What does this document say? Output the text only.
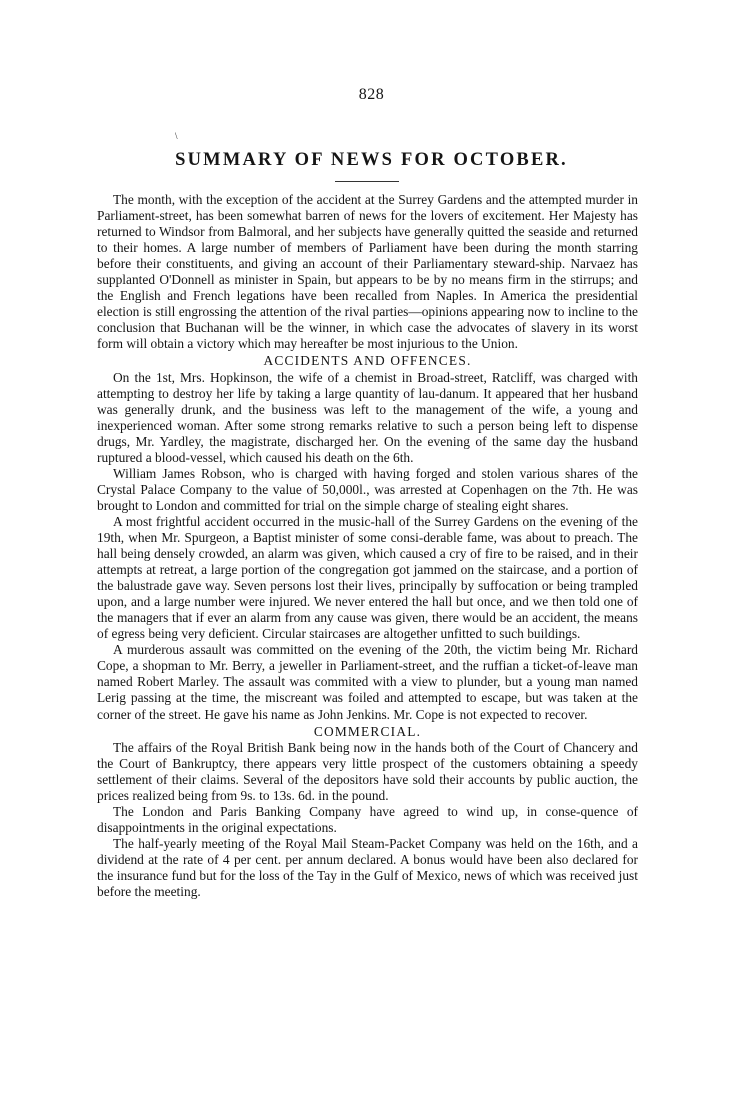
828
\
SUMMARY OF NEWS FOR OCTOBER.

The month, with the exception of the accident at the Surrey Gardens and the attempted murder in Parliament-street, has been somewhat barren of news for the lovers of excitement. Her Majesty has returned to Windsor from Balmoral, and her subjects have generally quitted the seaside and returned to their homes. A large number of members of Parliament have been during the month starring before their constituents, and giving an account of their Parliamentary steward-ship. Narvaez has supplanted O'Donnell as minister in Spain, but appears to be by no means firm in the stirrups; and the English and French legations have been recalled from Naples. In America the presidential election is still engrossing the attention of the rival parties—opinions appearing now to incline to the conclusion that Buchanan will be the winner, in which case the advocates of slavery in its worst form will obtain a victory which may hereafter be most injurious to the Union.

ACCIDENTS AND OFFENCES.

On the 1st, Mrs. Hopkinson, the wife of a chemist in Broad-street, Ratcliff, was charged with attempting to destroy her life by taking a large quantity of lau-danum. It appeared that her husband was generally drunk, and the business was left to the management of the wife, a young and inexperienced woman. After some strong remarks relative to such a person being left to dispense drugs, Mr. Yardley, the magistrate, discharged her. On the evening of the same day the husband ruptured a blood-vessel, which caused his death on the 6th.

William James Robson, who is charged with having forged and stolen various shares of the Crystal Palace Company to the value of 50,000l., was arrested at Copenhagen on the 7th. He was brought to London and committed for trial on the simple charge of stealing eight shares.

A most frightful accident occurred in the music-hall of the Surrey Gardens on the evening of the 19th, when Mr. Spurgeon, a Baptist minister of some consi-derable fame, was about to preach. The hall being densely crowded, an alarm was given, which caused a cry of fire to be raised, and in their attempts at retreat, a large portion of the congregation got jammed on the staircase, and a portion of the balustrade gave way. Seven persons lost their lives, principally by suffocation or being trampled upon, and a large number were injured. We never entered the hall but once, and we then told one of the managers that if ever an alarm from any cause was given, there would be an accident, the means of egress being very deficient. Circular staircases are altogether unfitted to such buildings.

A murderous assault was committed on the evening of the 20th, the victim being Mr. Richard Cope, a shopman to Mr. Berry, a jeweller in Parliament-street, and the ruffian a ticket-of-leave man named Robert Marley. The assault was commited with a view to plunder, but a young man named Lerig passing at the time, the miscreant was foiled and attempted to escape, but was taken at the corner of the street. He gave his name as John Jenkins. Mr. Cope is not expected to recover.

COMMERCIAL.

The affairs of the Royal British Bank being now in the hands both of the Court of Chancery and the Court of Bankruptcy, there appears very little prospect of the customers obtaining a speedy settlement of their claims. Several of the depositors have sold their accounts by public auction, the prices realized being from 9s. to 13s. 6d. in the pound.

The London and Paris Banking Company have agreed to wind up, in conse-quence of disappointments in the original expectations.

The half-yearly meeting of the Royal Mail Steam-Packet Company was held on the 16th, and a dividend at the rate of 4 per cent. per annum declared. A bonus would have been also declared for the insurance fund but for the loss of the Tay in the Gulf of Mexico, news of which was received just before the meeting.
